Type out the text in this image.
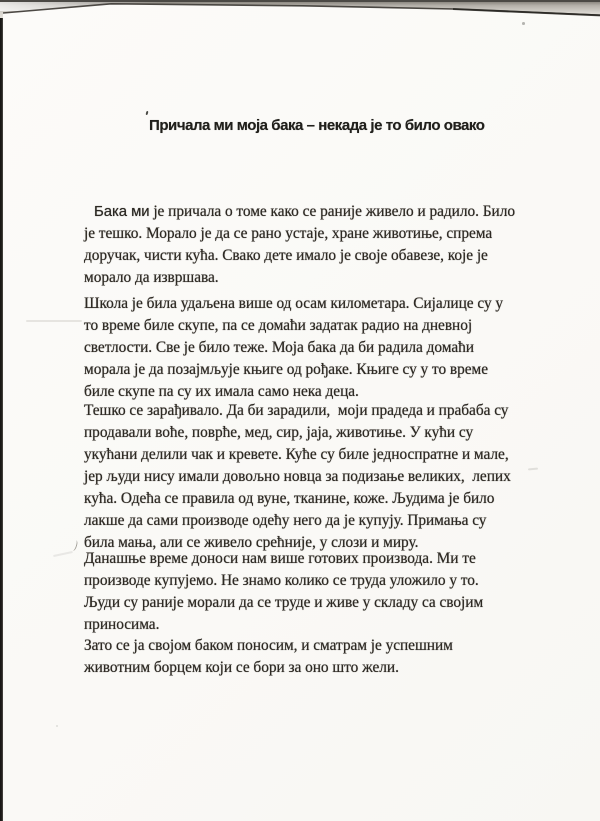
Причала ми моја бака – некада је то било овако
Бака ми је причала о томе како се раније живело и радило. Било
је тешко. Морало је да се рано устаје, хране животиње, спрема
доручак, чисти кућа. Свако дете имало је своје обавезе, које је
морало да извршава.
Школа је била удаљена више од осам километара. Сијалице су у
то време биле скупе, па се домаћи задатак радио на дневној
светлости. Све је било теже. Моја бака да би радила домаћи
морала је да позајмљује књиге од рођаке. Књиге су у то време
биле скупе па су их имала само нека деца.
Тешко се зарађивало. Да би зарадили,  моји прадеда и прабаба су
продавали воће, поврће, мед, сир, јаја, животиње. У кући су
укућани делили чак и кревете. Куће су биле једноспратне и мале,
јер људи нису имали довољно новца за подизање великих,  лепих
кућа. Одећа се правила од вуне, тканине, коже. Људима је било
лакше да сами производе одећу него да је купују. Примања су
била мања, али се живело срећније, у слози и миру.
Данашње време доноси нам више готових производа. Ми те
производе купујемо. Не знамо колико се труда уложило у то.
Људи су раније морали да се труде и живе у складу са својим
приносима.
Зато се ја својом баком поносим, и сматрам је успешним
животним борцем који се бори за оно што жели.
